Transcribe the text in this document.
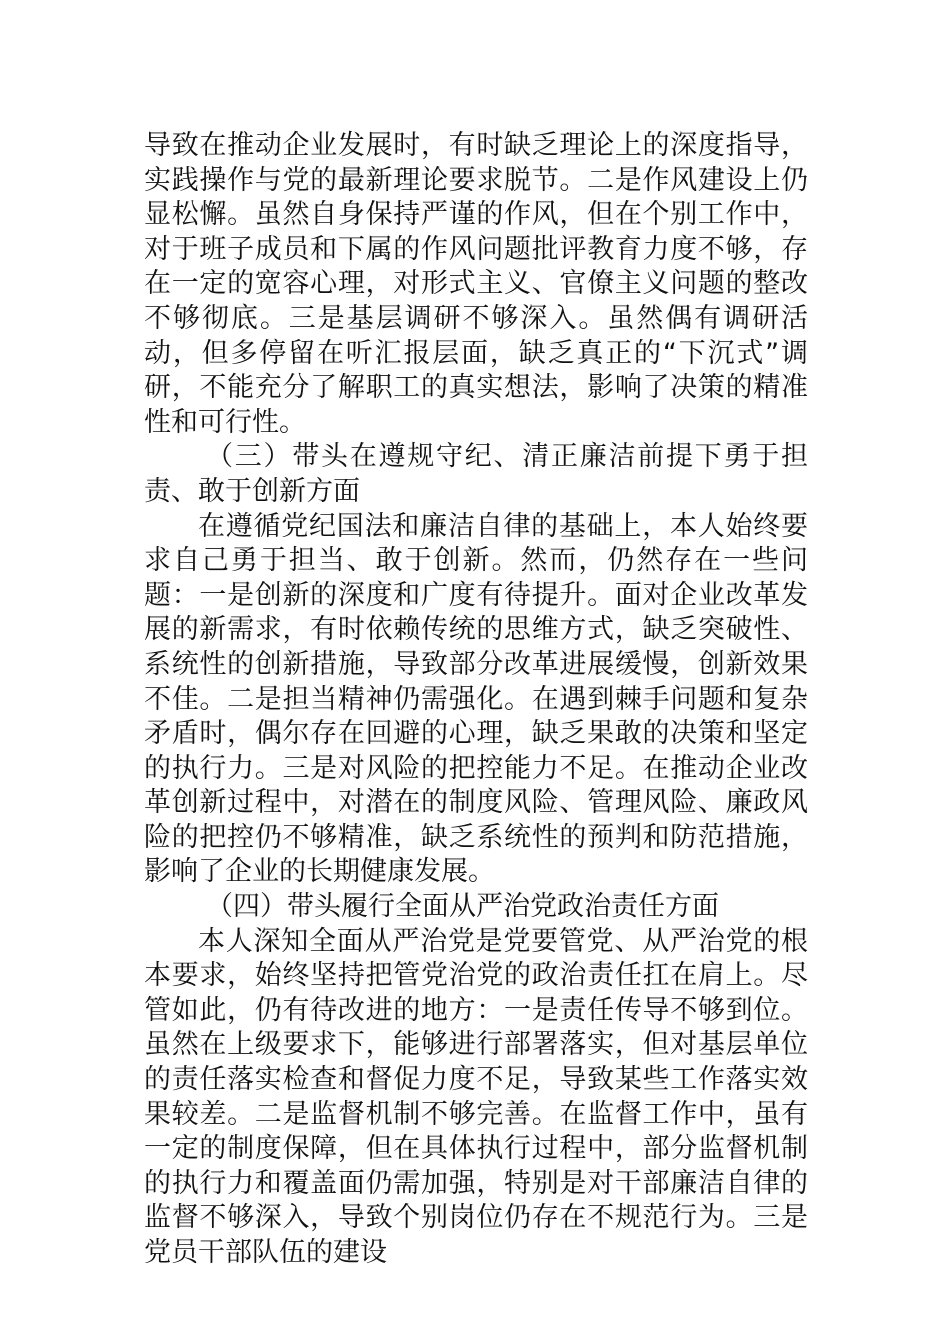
导致在推动企业发展时，有时缺乏理论上的深度指导，实践操作与党的最新理论要求脱节。二是作风建设上仍显松懈。虽然自身保持严谨的作风，但在个别工作中，对于班子成员和下属的作风问题批评教育力度不够，存在一定的宽容心理，对形式主义、官僚主义问题的整改不够彻底。三是基层调研不够深入。虽然偶有调研活动，但多停留在听汇报层面，缺乏真正的“下沉式”调研，不能充分了解职工的真实想法，影响了决策的精准性和可行性。

（三）带头在遵规守纪、清正廉洁前提下勇于担责、敢于创新方面

在遵循党纪国法和廉洁自律的基础上，本人始终要求自己勇于担当、敢于创新。然而，仍然存在一些问题：一是创新的深度和广度有待提升。面对企业改革发展的新需求，有时依赖传统的思维方式，缺乏突破性、系统性的创新措施，导致部分改革进展缓慢，创新效果不佳。二是担当精神仍需强化。在遇到棘手问题和复杂矛盾时，偶尔存在回避的心理，缺乏果敢的决策和坚定的执行力。三是对风险的把控能力不足。在推动企业改革创新过程中，对潜在的制度风险、管理风险、廉政风险的把控仍不够精准，缺乏系统性的预判和防范措施，影响了企业的长期健康发展。

（四）带头履行全面从严治党政治责任方面

本人深知全面从严治党是党要管党、从严治党的根本要求，始终坚持把管党治党的政治责任扛在肩上。尽管如此，仍有待改进的地方：一是责任传导不够到位。虽然在上级要求下，能够进行部署落实，但对基层单位的责任落实检查和督促力度不足，导致某些工作落实效果较差。二是监督机制不够完善。在监督工作中，虽有一定的制度保障，但在具体执行过程中，部分监督机制的执行力和覆盖面仍需加强，特别是对干部廉洁自律的监督不够深入，导致个别岗位仍存在不规范行为。三是党员干部队伍的建设
